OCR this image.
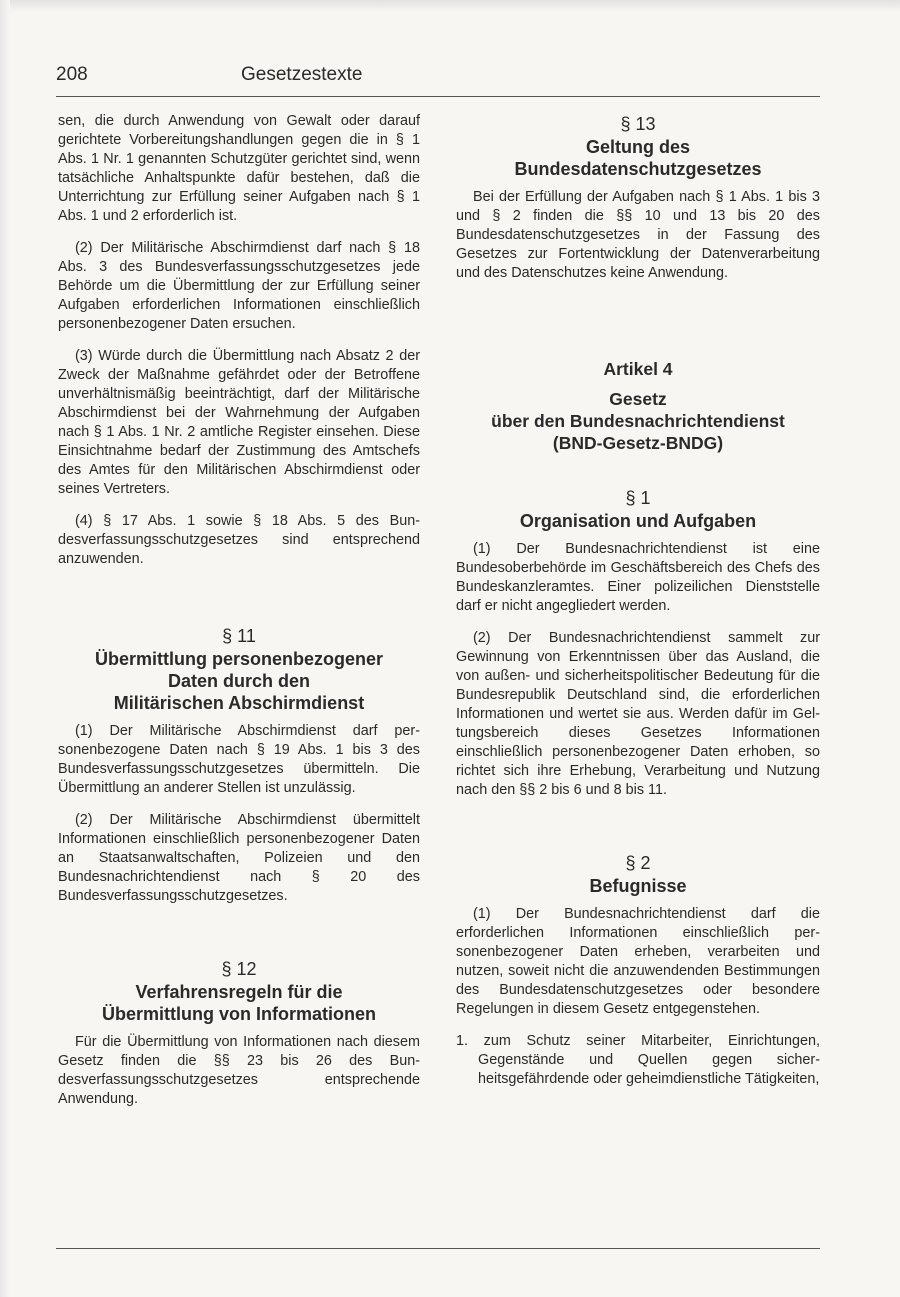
208	Gesetzestexte

sen, die durch Anwendung von Gewalt oder darauf gerichtete Vorbereitungshandlungen gegen die in § 1 Abs. 1 Nr. 1 genannten Schutzgüter gerichtet sind, wenn tatsächliche Anhaltspunkte dafür bestehen, daß die Unterrichtung zur Erfüllung seiner Aufgaben nach § 1 Abs. 1 und 2 erforderlich ist.

(2) Der Militärische Abschirmdienst darf nach § 18 Abs. 3 des Bundesverfassungsschutzgesetzes jede Behörde um die Übermittlung der zur Erfüllung seiner Aufgaben erforderlichen Informationen einschließlich personenbezogener Daten ersuchen.

(3) Würde durch die Übermittlung nach Absatz 2 der Zweck der Maßnahme gefährdet oder der Betroffene unverhältnismäßig beeinträchtigt, darf der Militärische Abschirmdienst bei der Wahrnehmung der Aufgaben nach § 1 Abs. 1 Nr. 2 amtliche Register einsehen. Diese Einsichtnahme bedarf der Zustimmung des Amtschefs des Amtes für den Militärischen Abschirmdienst oder seines Vertreters.

(4) § 17 Abs. 1 sowie § 18 Abs. 5 des Bundesverfassungsschutzgesetzes sind entsprechend anzuwenden.

§ 11
Übermittlung personenbezogener
Daten durch den
Militärischen Abschirmdienst

(1) Der Militärische Abschirmdienst darf personenbezogene Daten nach § 19 Abs. 1 bis 3 des Bundesverfassungsschutzgesetzes übermitteln. Die Übermittlung an anderer Stellen ist unzulässig.

(2) Der Militärische Abschirmdienst übermittelt Informationen einschließlich personenbezogener Daten an Staatsanwaltschaften, Polizeien und den Bundesnachrichtendienst nach § 20 des Bundesverfassungsschutzgesetzes.

§ 12
Verfahrensregeln für die
Übermittlung von Informationen

Für die Übermittlung von Informationen nach diesem Gesetz finden die §§ 23 bis 26 des Bundesverfassungsschutzgesetzes entsprechende Anwendung.

§ 13
Geltung des
Bundesdatenschutzgesetzes

Bei der Erfüllung der Aufgaben nach § 1 Abs. 1 bis 3 und § 2 finden die §§ 10 und 13 bis 20 des Bundesdatenschutzgesetzes in der Fassung des Gesetzes zur Fortentwicklung der Datenverarbeitung und des Datenschutzes keine Anwendung.

Artikel 4

Gesetz
über den Bundesnachrichtendienst
(BND-Gesetz-BNDG)
§ 1
Organisation und Aufgaben

(1) Der Bundesnachrichtendienst ist eine Bundesoberbehörde im Geschäftsbereich des Chefs des Bundeskanzleramtes. Einer polizeilichen Dienststelle darf er nicht angegliedert werden.

(2) Der Bundesnachrichtendienst sammelt zur Gewinnung von Erkenntnissen über das Ausland, die von außen- und sicherheitspolitischer Bedeutung für die Bundesrepublik Deutschland sind, die erforderlichen Informationen und wertet sie aus. Werden dafür im Geltungsbereich dieses Gesetzes Informationen einschließlich personenbezogener Daten erhoben, so richtet sich ihre Erhebung, Verarbeitung und Nutzung nach den §§ 2 bis 6 und 8 bis 11.

§ 2
Befugnisse

(1) Der Bundesnachrichtendienst darf die erforderlichen Informationen einschließlich personenbezogener Daten erheben, verarbeiten und nutzen, soweit nicht die anzuwendenden Bestimmungen des Bundesdatenschutzgesetzes oder besondere Regelungen in diesem Gesetz entgegenstehen.

1. zum Schutz seiner Mitarbeiter, Einrichtungen, Gegenstände und Quellen gegen sicherheitsgefährdende oder geheimdienstliche Tätigkeiten,
